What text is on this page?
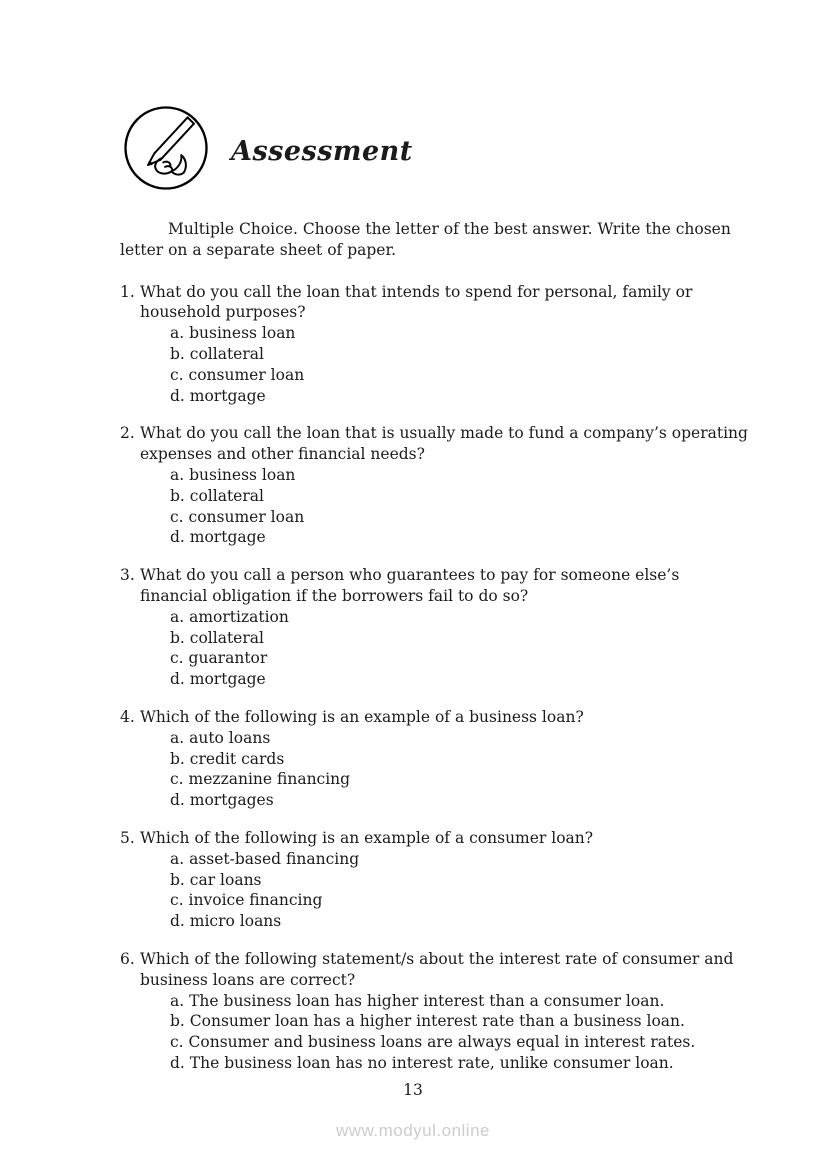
Assessment

Multiple Choice. Choose the letter of the best answer. Write the chosen letter on a separate sheet of paper.

1. What do you call the loan that intends to spend for personal, family or household purposes?
a. business loan
b. collateral
c. consumer loan
d. mortgage
2. What do you call the loan that is usually made to fund a company’s operating expenses and other financial needs?
a. business loan
b. collateral
c. consumer loan
d. mortgage
3. What do you call a person who guarantees to pay for someone else’s financial obligation if the borrowers fail to do so?
a. amortization
b. collateral
c. guarantor
d. mortgage
4. Which of the following is an example of a business loan?
a. auto loans
b. credit cards
c. mezzanine financing
d. mortgages
5. Which of the following is an example of a consumer loan?
a. asset-based financing
b. car loans
c. invoice financing
d. micro loans
6. Which of the following statement/s about the interest rate of consumer and business loans are correct?
a. The business loan has higher interest than a consumer loan.
b. Consumer loan has a higher interest rate than a business loan.
c. Consumer and business loans are always equal in interest rates.
d. The business loan has no interest rate, unlike consumer loan.
13
www.modyul.online
